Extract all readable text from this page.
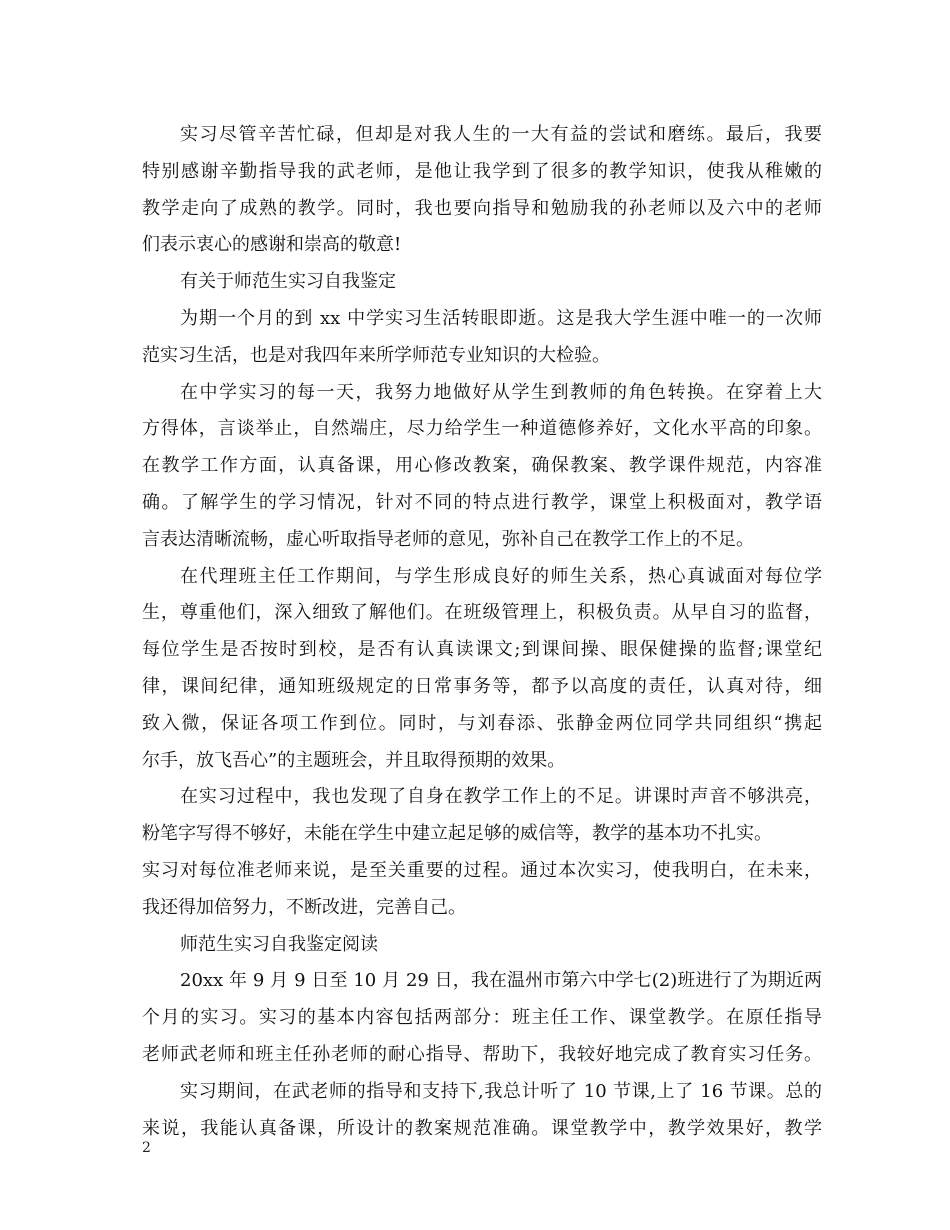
实习尽管辛苦忙碌，但却是对我人生的一大有益的尝试和磨练。最后，我要
特别感谢辛勤指导我的武老师，是他让我学到了很多的教学知识，使我从稚嫩的
教学走向了成熟的教学。同时，我也要向指导和勉励我的孙老师以及六中的老师
们表示衷心的感谢和崇高的敬意!
有关于师范生实习自我鉴定
为期一个月的到 xx 中学实习生活转眼即逝。这是我大学生涯中唯一的一次师
范实习生活，也是对我四年来所学师范专业知识的大检验。
在中学实习的每一天，我努力地做好从学生到教师的角色转换。在穿着上大
方得体，言谈举止，自然端庄，尽力给学生一种道德修养好，文化水平高的印象。
在教学工作方面，认真备课，用心修改教案，确保教案、教学课件规范，内容准
确。了解学生的学习情况，针对不同的特点进行教学，课堂上积极面对，教学语
言表达清晰流畅，虚心听取指导老师的意见，弥补自己在教学工作上的不足。
在代理班主任工作期间，与学生形成良好的师生关系，热心真诚面对每位学
生，尊重他们，深入细致了解他们。在班级管理上，积极负责。从早自习的监督，
每位学生是否按时到校，是否有认真读课文;到课间操、眼保健操的监督;课堂纪
律，课间纪律，通知班级规定的日常事务等，都予以高度的责任，认真对待，细
致入微，保证各项工作到位。同时，与刘春添、张静金两位同学共同组织“携起
尔手，放飞吾心”的主题班会，并且取得预期的效果。
在实习过程中，我也发现了自身在教学工作上的不足。讲课时声音不够洪亮，
粉笔字写得不够好，未能在学生中建立起足够的威信等，教学的基本功不扎实。
实习对每位准老师来说，是至关重要的过程。通过本次实习，使我明白，在未来，
我还得加倍努力，不断改进，完善自己。
师范生实习自我鉴定阅读
20xx 年 9 月 9 日至 10 月 29 日，我在温州市第六中学七(2)班进行了为期近两
个月的实习。实习的基本内容包括两部分：班主任工作、课堂教学。在原任指导
老师武老师和班主任孙老师的耐心指导、帮助下，我较好地完成了教育实习任务。
实习期间，在武老师的指导和支持下,我总计听了 10 节课,上了 16 节课。总的
来说，我能认真备课，所设计的教案规范准确。课堂教学中，教学效果好，教学
2
